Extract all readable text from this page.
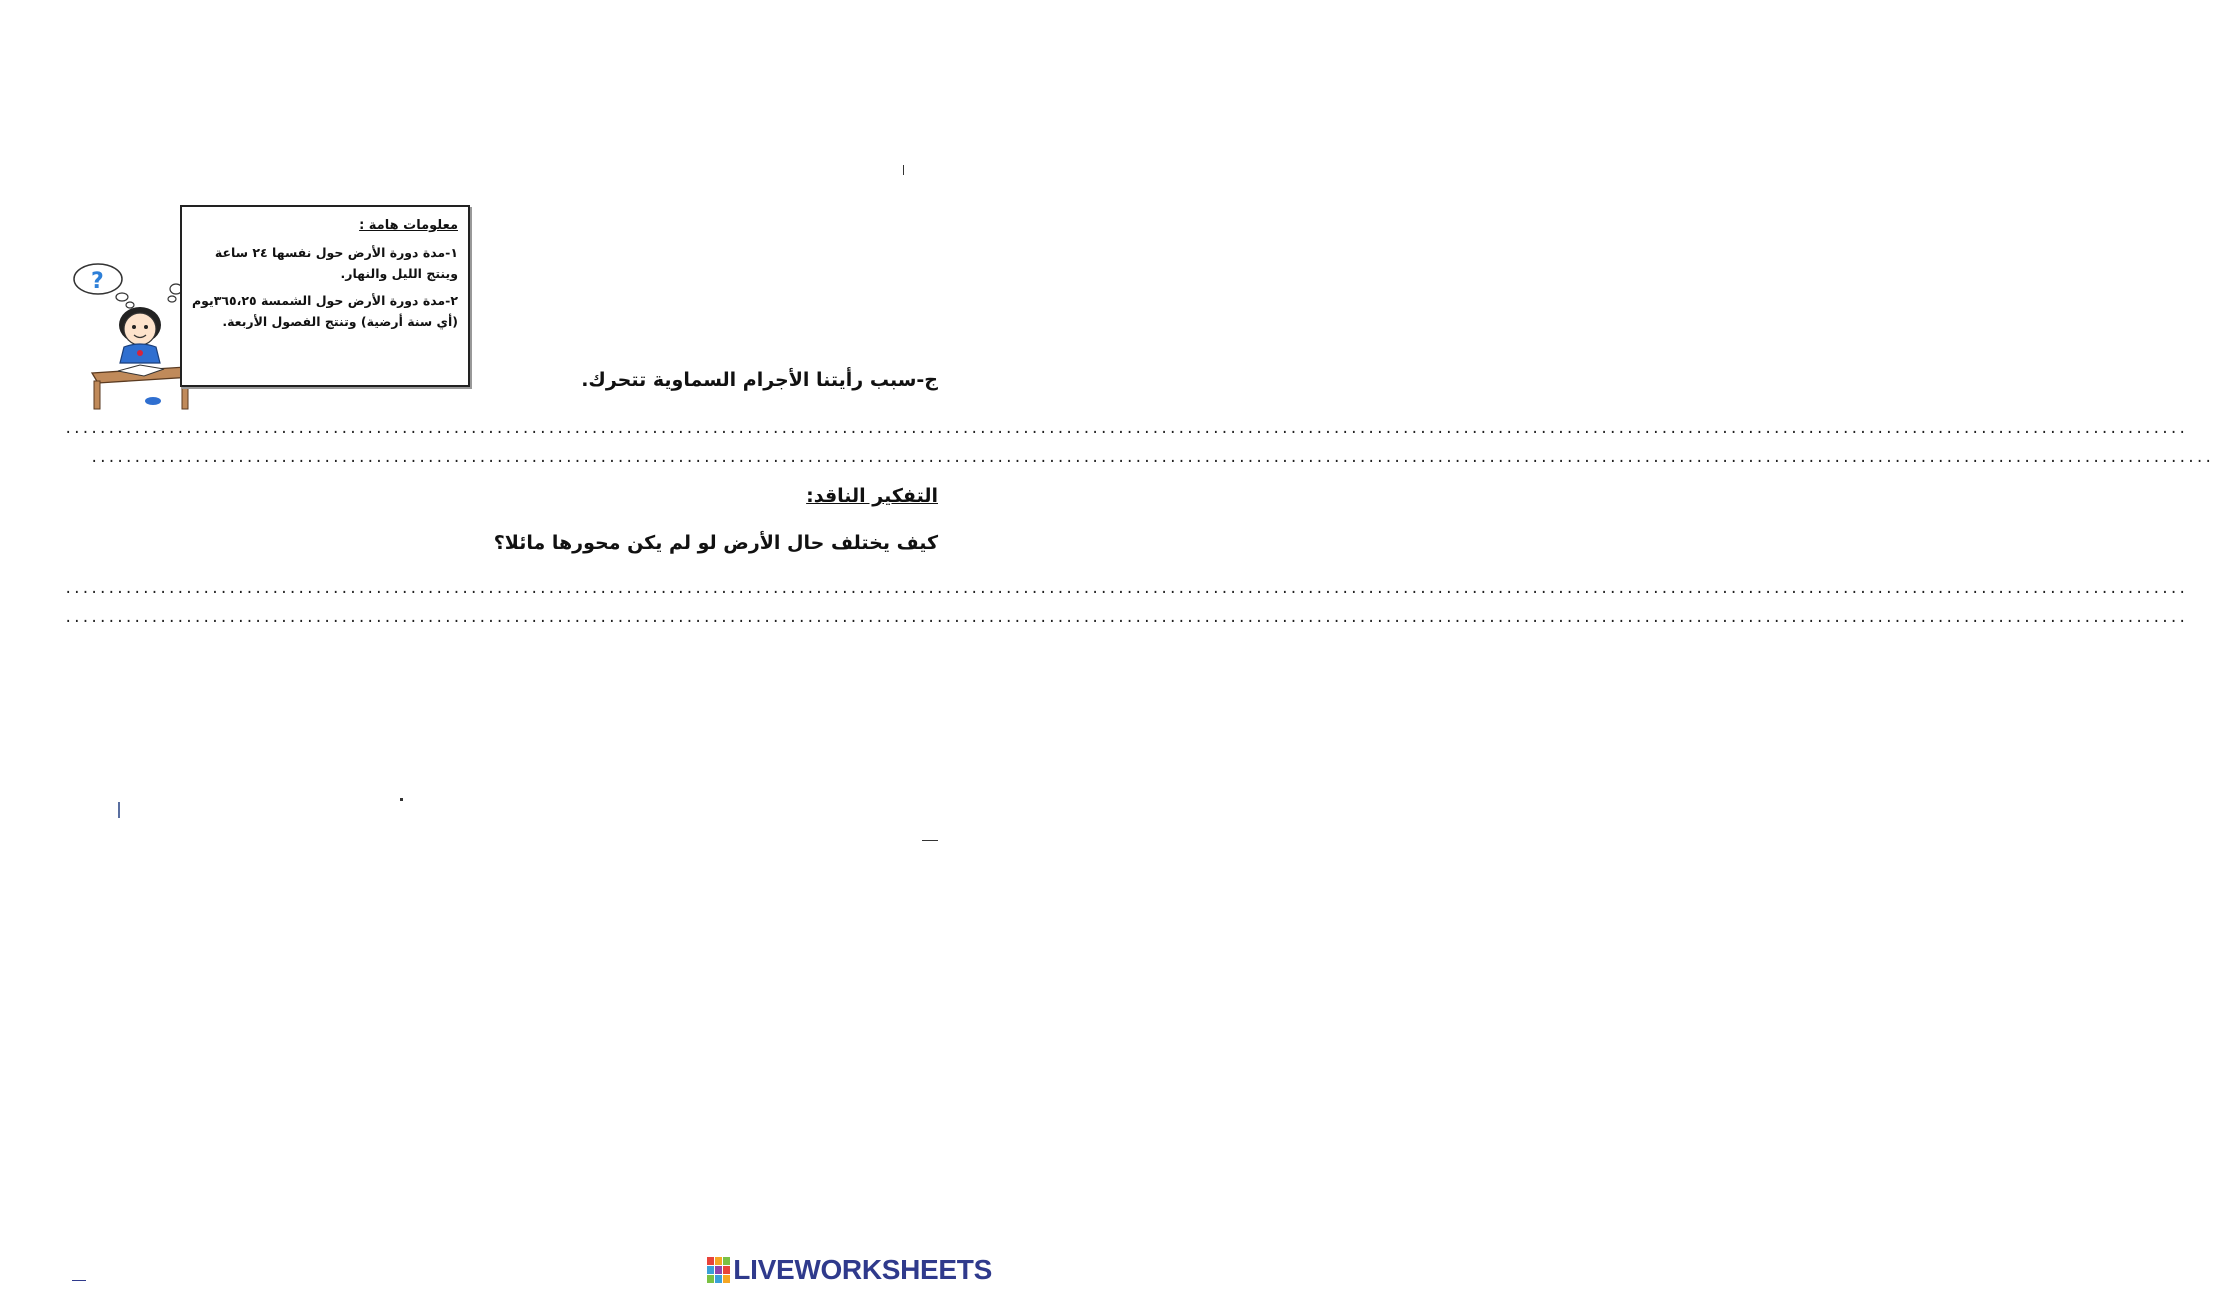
?
معلومات هامة :
١-مدة دورة الأرض حول نفسها ٢٤ ساعة وينتج الليل والنهار.
٢-مدة دورة الأرض حول الشمسة ٣٦٥،٢٥يوم (أي سنة أرضية) وتنتج الفصول الأربعة.
ج-سبب رأيتنا الأجرام السماوية تتحرك.
......................................................................................................................................................................................................................................................
......................................................................................................................................................................................................................................................
التفكير الناقد:
كيف يختلف حال الأرض لو لم يكن محورها مائلا؟
......................................................................................................................................................................................................................................................
......................................................................................................................................................................................................................................................
LIVEWORKSHEETS
